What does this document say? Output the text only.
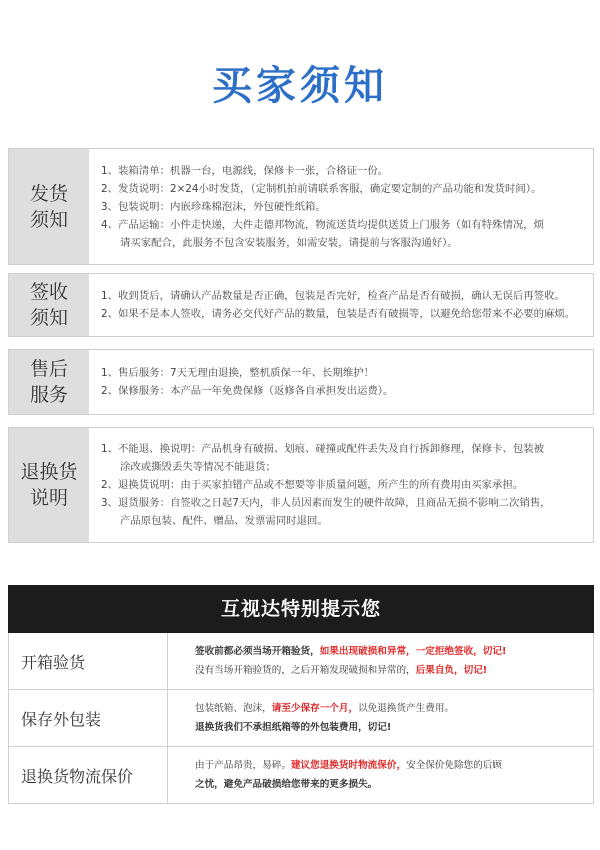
买家须知
发货
须知

1、装箱清单：机器一台，电源线，保修卡一张，合格证一份。

2、发货说明：2×24小时发货，（定制机拍前请联系客服，确定要定制的产品功能和发货时间）。

3、包装说明：内嵌珍珠棉泡沫，外包硬性纸箱。

4、产品运输：小件走快递，大件走德邦物流，物流送货均提供送货上门服务（如有特殊情况，烦

请买家配合，此服务不包含安装服务，如需安装，请提前与客服沟通好）。

签收
须知

1、收到货后，请确认产品数量是否正确，包装是否完好，检查产品是否有破损，确认无误后再签收。

2、如果不是本人签收，请务必交代好产品的数量，包装是否有破损等，以避免给您带来不必要的麻烦。

售后
服务

1、售后服务：7天无理由退换，整机质保一年、长期维护！

2、保修服务：本产品一年免费保修（返修各自承担发出运费）。

退换货
说明

1、不能退、换说明：产品机身有破损、划痕、碰撞或配件丢失及自行拆卸修理，保修卡、包装被

涂改或撕毁丢失等情况不能退货；

2、退换货说明：由于买家拍错产品或不想要等非质量问题，所产生的所有费用由买家承担。

3、退货服务：自签收之日起7天内，非人员因素而发生的硬件故障，且商品无损不影响二次销售，

产品原包装、配件、赠品、发票需同时退回。

互视达特别提示您
开箱验货

签收前都必须当场开箱验货，如果出现破损和异常，一定拒绝签收，切记!

没有当场开箱验货的，之后开箱发现破损和异常的，后果自负，切记!

保存外包装

包装纸箱、泡沫，请至少保存一个月，以免退换货产生费用。

退换货我们不承担纸箱等的外包装费用，切记!

退换货物流保价

由于产品昂贵，易碎。建议您退换货时物流保价，安全保价免除您的后顾

之忧，避免产品破损给您带来的更多损失。
